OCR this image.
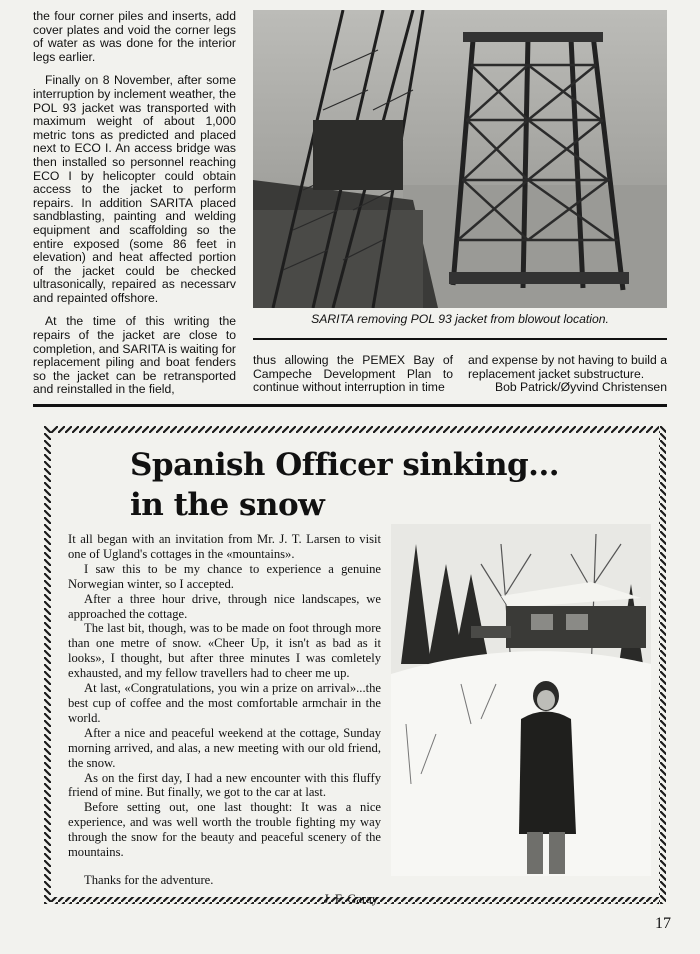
the four corner piles and inserts, add cover plates and void the corner legs of water as was done for the interior legs earlier.

Finally on 8 November, after some interruption by inclement weather, the POL 93 jacket was transported with maximum weight of about 1,000 metric tons as predicted and placed next to ECO I. An access bridge was then installed so personnel reaching ECO I by helicopter could obtain access to the jacket to perform repairs. In addition SARITA placed sandblasting, painting and welding equipment and scaffolding so the entire exposed (some 86 feet in elevation) and heat affected portion of the jacket could be checked ultrasonically, repaired as necessarv and repainted offshore.

At the time of this writing the repairs of the jacket are close to completion, and SARITA is waiting for replacement piling and boat fenders so the jacket can be retransported and reinstalled in the field,

SARITA removing POL 93 jacket from blowout location.
thus allowing the PEMEX Bay of Campeche Development Plan to continue without interruption in time
and expense by not having to build a replacement jacket substructure.
Bob Patrick/Øyvind Christensen
Spanish Officer sinking...
in the snow

It all began with an invitation from Mr. J. T. Larsen to visit one of Ugland's cottages in the «mountains».

I saw this to be my chance to experience a genuine Norwegian winter, so I accepted.

After a three hour drive, through nice landscapes, we approached the cottage.

The last bit, though, was to be made on foot through more than one metre of snow. «Cheer Up, it isn't as bad as it looks», I thought, but after three minutes I was comletely exhausted, and my fellow travellers had to cheer me up.

At last, «Congratulations, you win a prize on arrival»...the best cup of coffee and the most comfortable armchair in the world.

After a nice and peaceful weekend at the cottage, Sunday morning arrived, and alas, a new meeting with our old friend, the snow.

As on the first day, I had a new encounter with this fluffy friend of mine. But finally, we got to the car at last.

Before setting out, one last thought: It was a nice experience, and was well worth the trouble fighting my way through the snow for the beauty and peaceful scenery of the mountains.

Thanks for the adventure.

J. F. Garay

17
